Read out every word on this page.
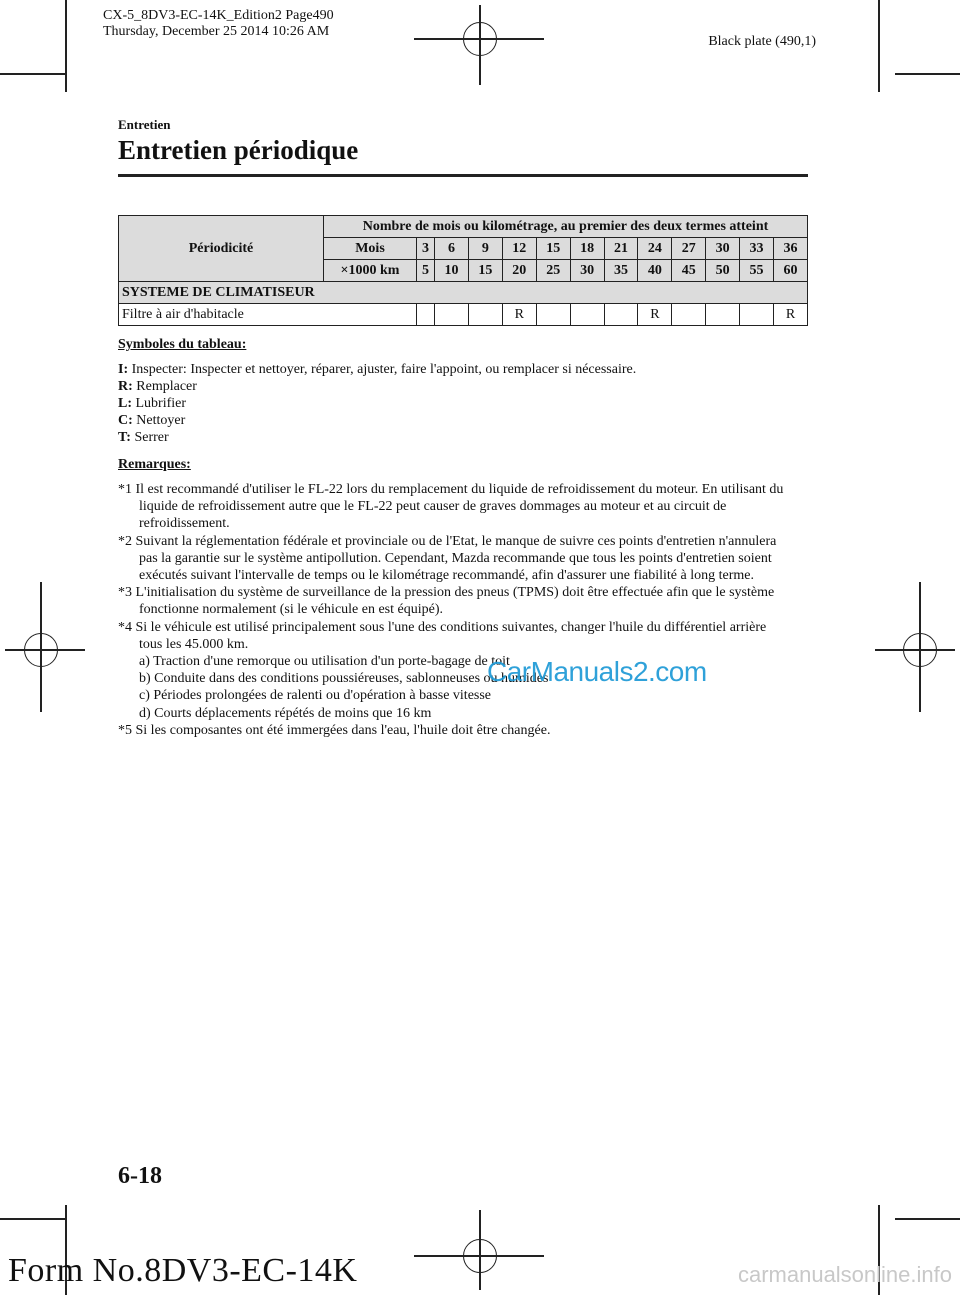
CX-5_8DV3-EC-14K_Edition2 Page490
Thursday, December 25 2014 10:26 AM
Black plate (490,1)
Entretien
Entretien périodique
Périodicité	Nombre de mois ou kilométrage, au premier des deux termes atteint												
	Mois	3	6	9	12	15	18	21	24	27	30	33	36
	×1000 km	5	10	15	20	25	30	35	40	45	50	55	60
SYSTEME DE CLIMATISEUR													
Filtre à air d'habitacle					R				R				R
Symboles du tableau:
I: Inspecter: Inspecter et nettoyer, réparer, ajuster, faire l'appoint, ou remplacer si nécessaire.
R: Remplacer
L: Lubrifier
C: Nettoyer
T: Serrer
Remarques:

*1 Il est recommandé d'utiliser le FL-22 lors du remplacement du liquide de refroidissement du moteur. En utilisant du liquide de refroidissement autre que le FL-22 peut causer de graves dommages au moteur et au circuit de refroidissement.

*2 Suivant la réglementation fédérale et provinciale ou de l'Etat, le manque de suivre ces points d'entretien n'annulera pas la garantie sur le système antipollution. Cependant, Mazda recommande que tous les points d'entretien soient exécutés suivant l'intervalle de temps ou le kilométrage recommandé, afin d'assurer une fiabilité à long terme.

*3 L'initialisation du système de surveillance de la pression des pneus (TPMS) doit être effectuée afin que le système fonctionne normalement (si le véhicule en est équipé).

*4 Si le véhicule est utilisé principalement sous l'une des conditions suivantes, changer l'huile du différentiel arrière tous les 45.000 km.

a) Traction d'une remorque ou utilisation d'un porte-bagage de toit

b) Conduite dans des conditions poussiéreuses, sablonneuses ou humides

c) Périodes prolongées de ralenti ou d'opération à basse vitesse

d) Courts déplacements répétés de moins que 16 km

*5 Si les composantes ont été immergées dans l'eau, l'huile doit être changée.

CarManuals2.com
6-18
Form No.8DV3-EC-14K	carmanualsonline.info
